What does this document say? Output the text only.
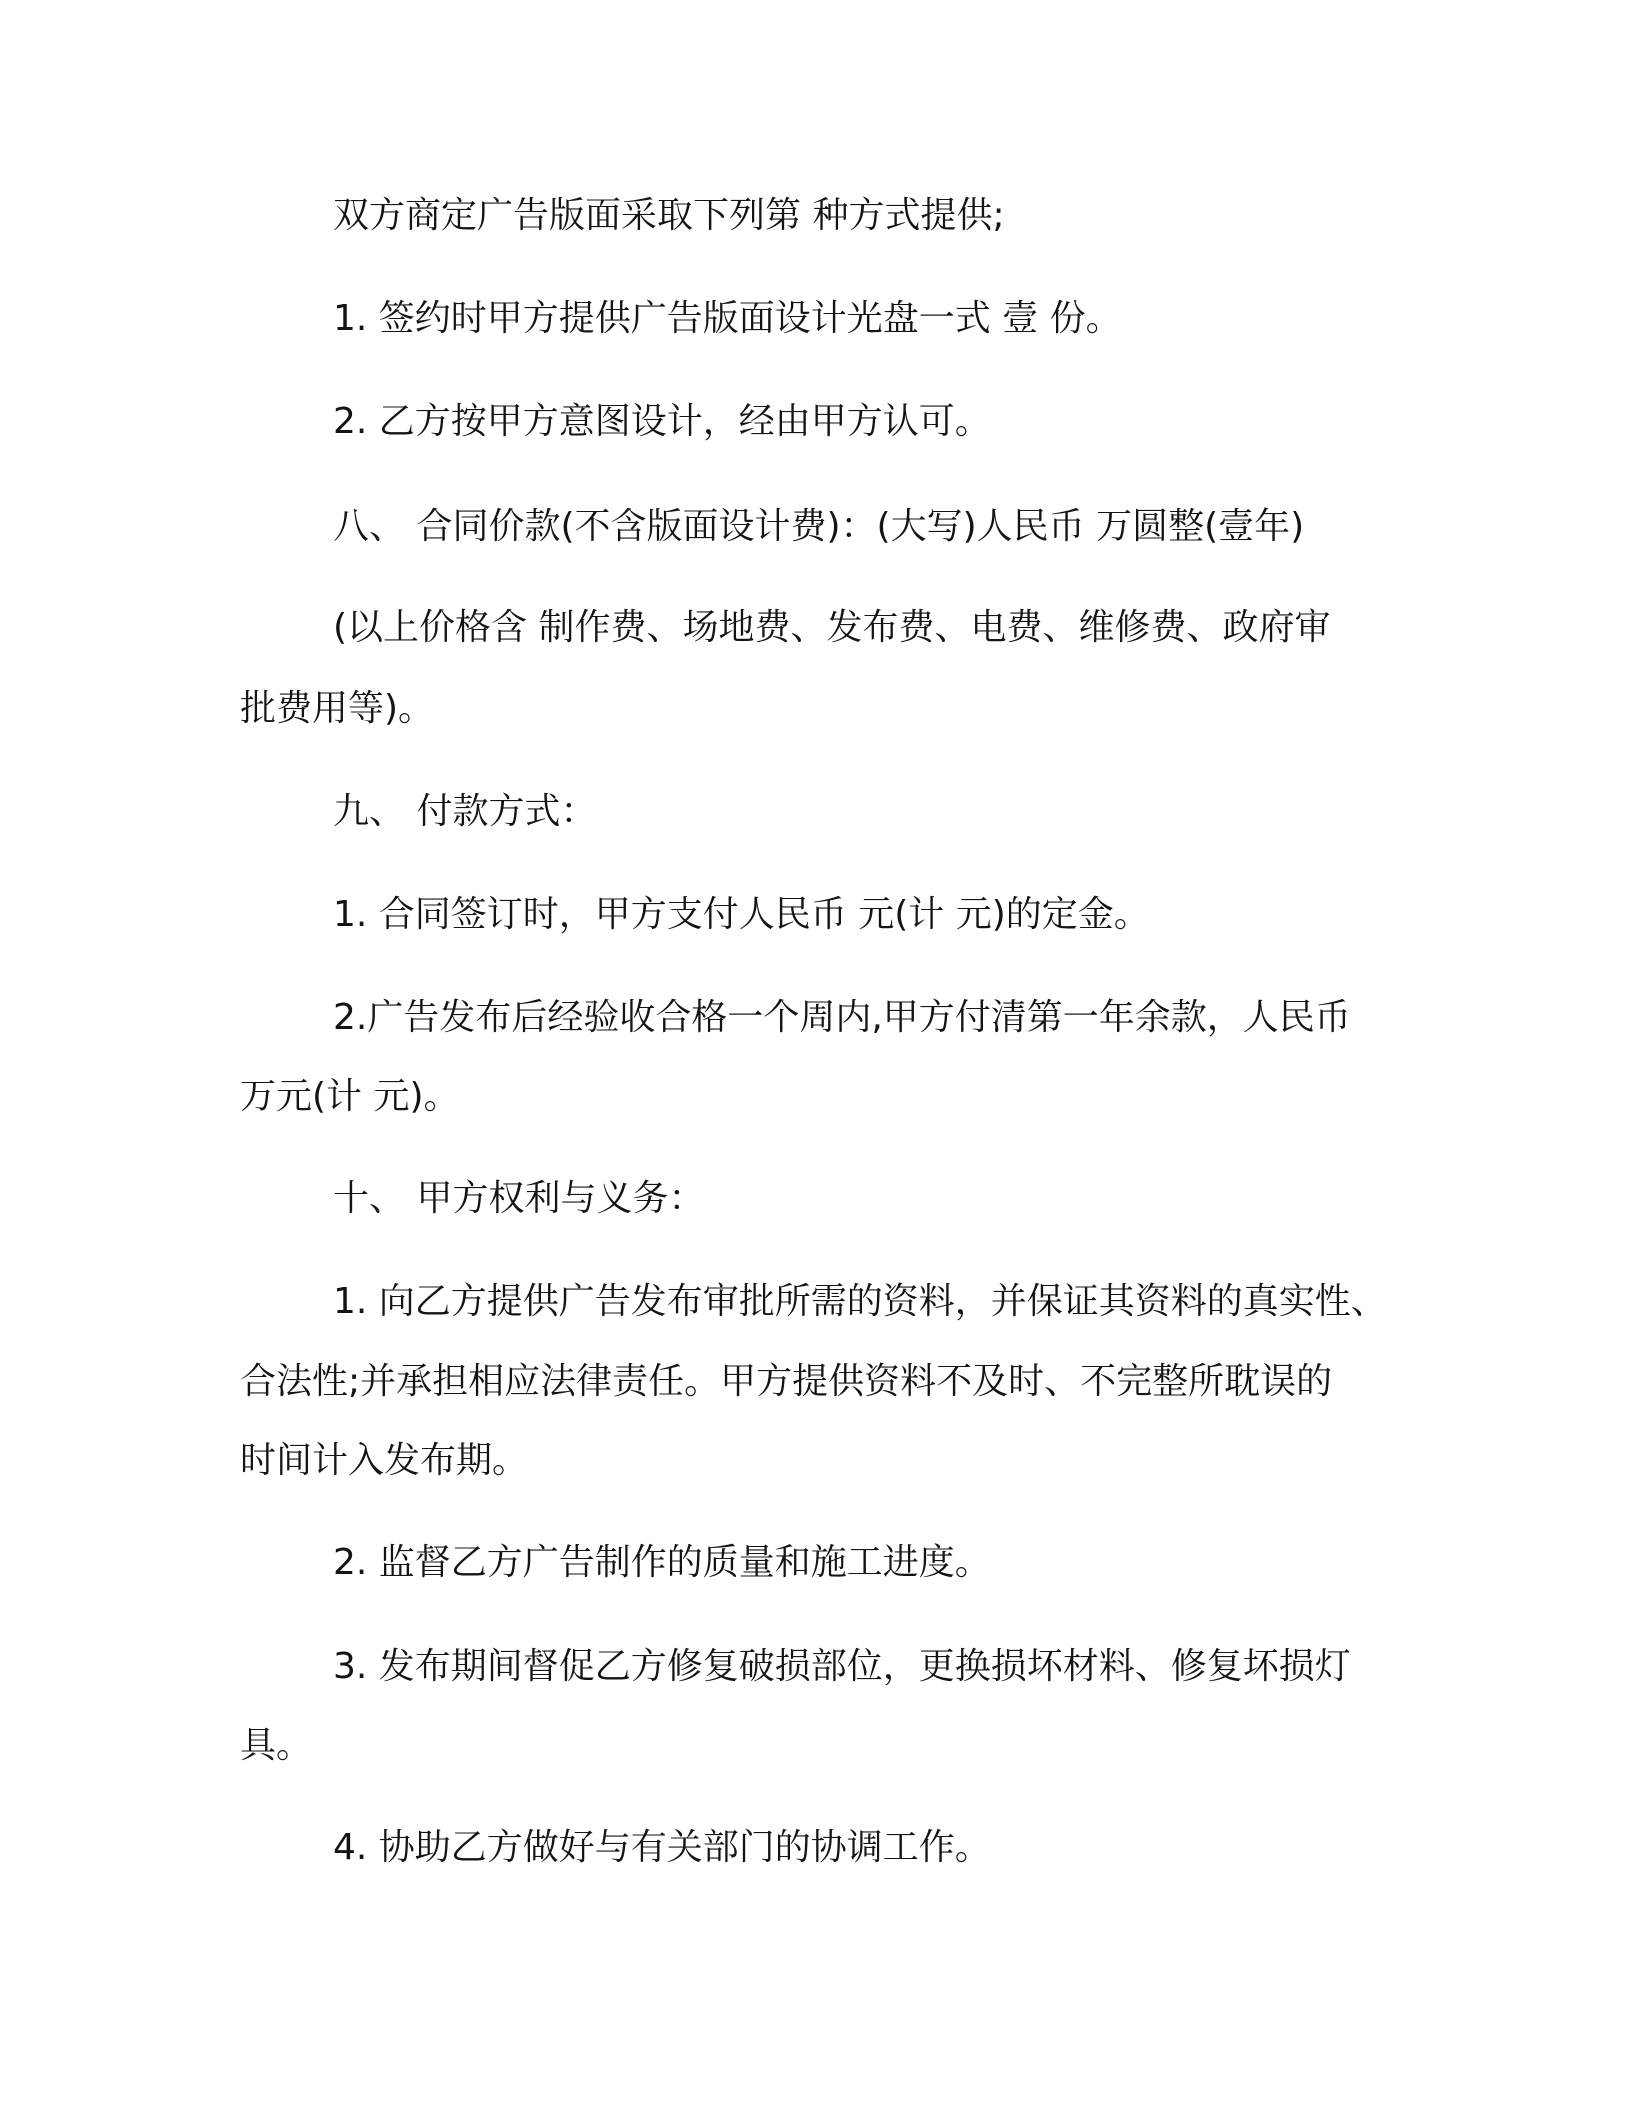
双方商定广告版面采取下列第 种方式提供;

1. 签约时甲方提供广告版面设计光盘一式 壹 份。

2. 乙方按甲方意图设计，经由甲方认可。

八、 合同价款(不含版面设计费)：(大写)人民币 万圆整(壹年)

(以上价格含 制作费、场地费、发布费、电费、维修费、政府审

批费用等)。

九、 付款方式：

1. 合同签订时，甲方支付人民币 元(计 元)的定金。

2.广告发布后经验收合格一个周内,甲方付清第一年余款，人民币

万元(计 元)。

十、 甲方权利与义务：

1. 向乙方提供广告发布审批所需的资料，并保证其资料的真实性、

合法性;并承担相应法律责任。甲方提供资料不及时、不完整所耽误的

时间计入发布期。

2. 监督乙方广告制作的质量和施工进度。

3. 发布期间督促乙方修复破损部位，更换损坏材料、修复坏损灯

具。

4. 协助乙方做好与有关部门的协调工作。
